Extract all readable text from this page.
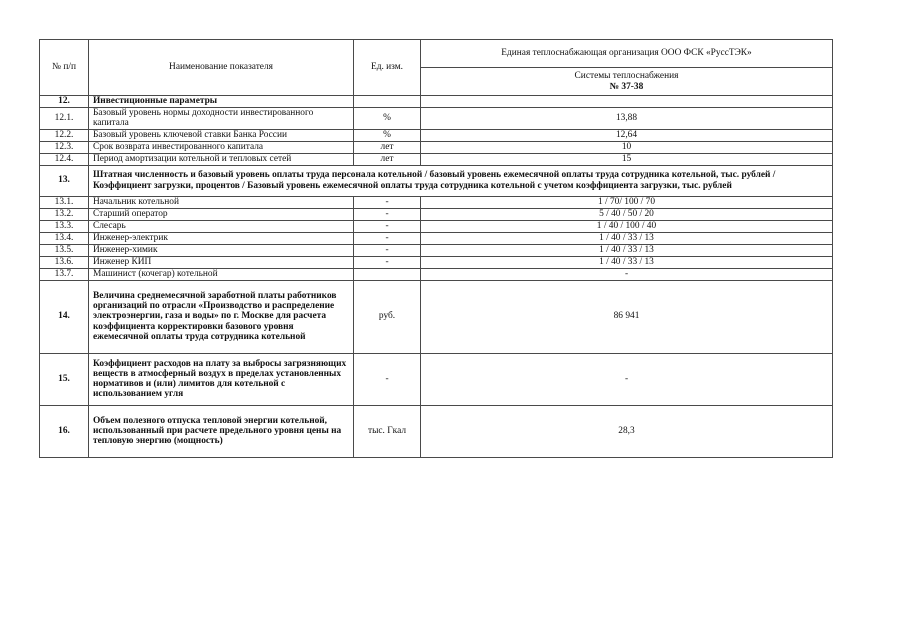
№ п/п	Наименование показателя	Ед. изм.	Единая теплоснабжающая организация ООО ФСК «РуссТЭК»

			Системы теплоснабжения
№ 37-38

12.	Инвестиционные параметры		
12.1.	Базовый уровень нормы доходности инвестированного капитала	%	13,88
12.2.	Базовый уровень ключевой ставки Банка России	%	12,64
12.3.	Срок возврата инвестированного капитала	лет	10
12.4.	Период амортизации котельной и тепловых сетей	лет	15
13.	Штатная численность и базовый уровень оплаты труда персонала котельной / базовый уровень ежемесячной оплаты труда сотрудника котельной, тыс. рублей / Коэффициент загрузки, процентов / Базовый уровень ежемесячной оплаты труда сотрудника котельной с учетом коэффициента загрузки, тыс. рублей		
13.1.	Начальник котельной	-	1 / 70/ 100 / 70
13.2.	Старший оператор	-	5 / 40 / 50 / 20
13.3.	Слесарь	-	1 / 40 / 100 / 40
13.4.	Инженер-электрик	-	1 / 40 / 33 / 13
13.5.	Инженер-химик	-	1 / 40 / 33 / 13
13.6.	Инженер КИП	-	1 / 40 / 33 / 13
13.7.	Машинист (кочегар) котельной		-
14.	Величина среднемесячной заработной платы работников организаций по отрасли «Производство и распределение электроэнергии, газа и воды» по г. Москве для расчета коэффициента корректировки базового уровня ежемесячной оплаты труда сотрудника котельной	руб.	86 941
15.	Коэффициент расходов на плату за выбросы загрязняющих веществ в атмосферный воздух в пределах установленных нормативов и (или) лимитов для котельной с использованием угля	-	-
16.	Объем полезного отпуска тепловой энергии котельной, использованный при расчете предельного уровня цены на тепловую энергию (мощность)	тыс. Гкал	28,3
